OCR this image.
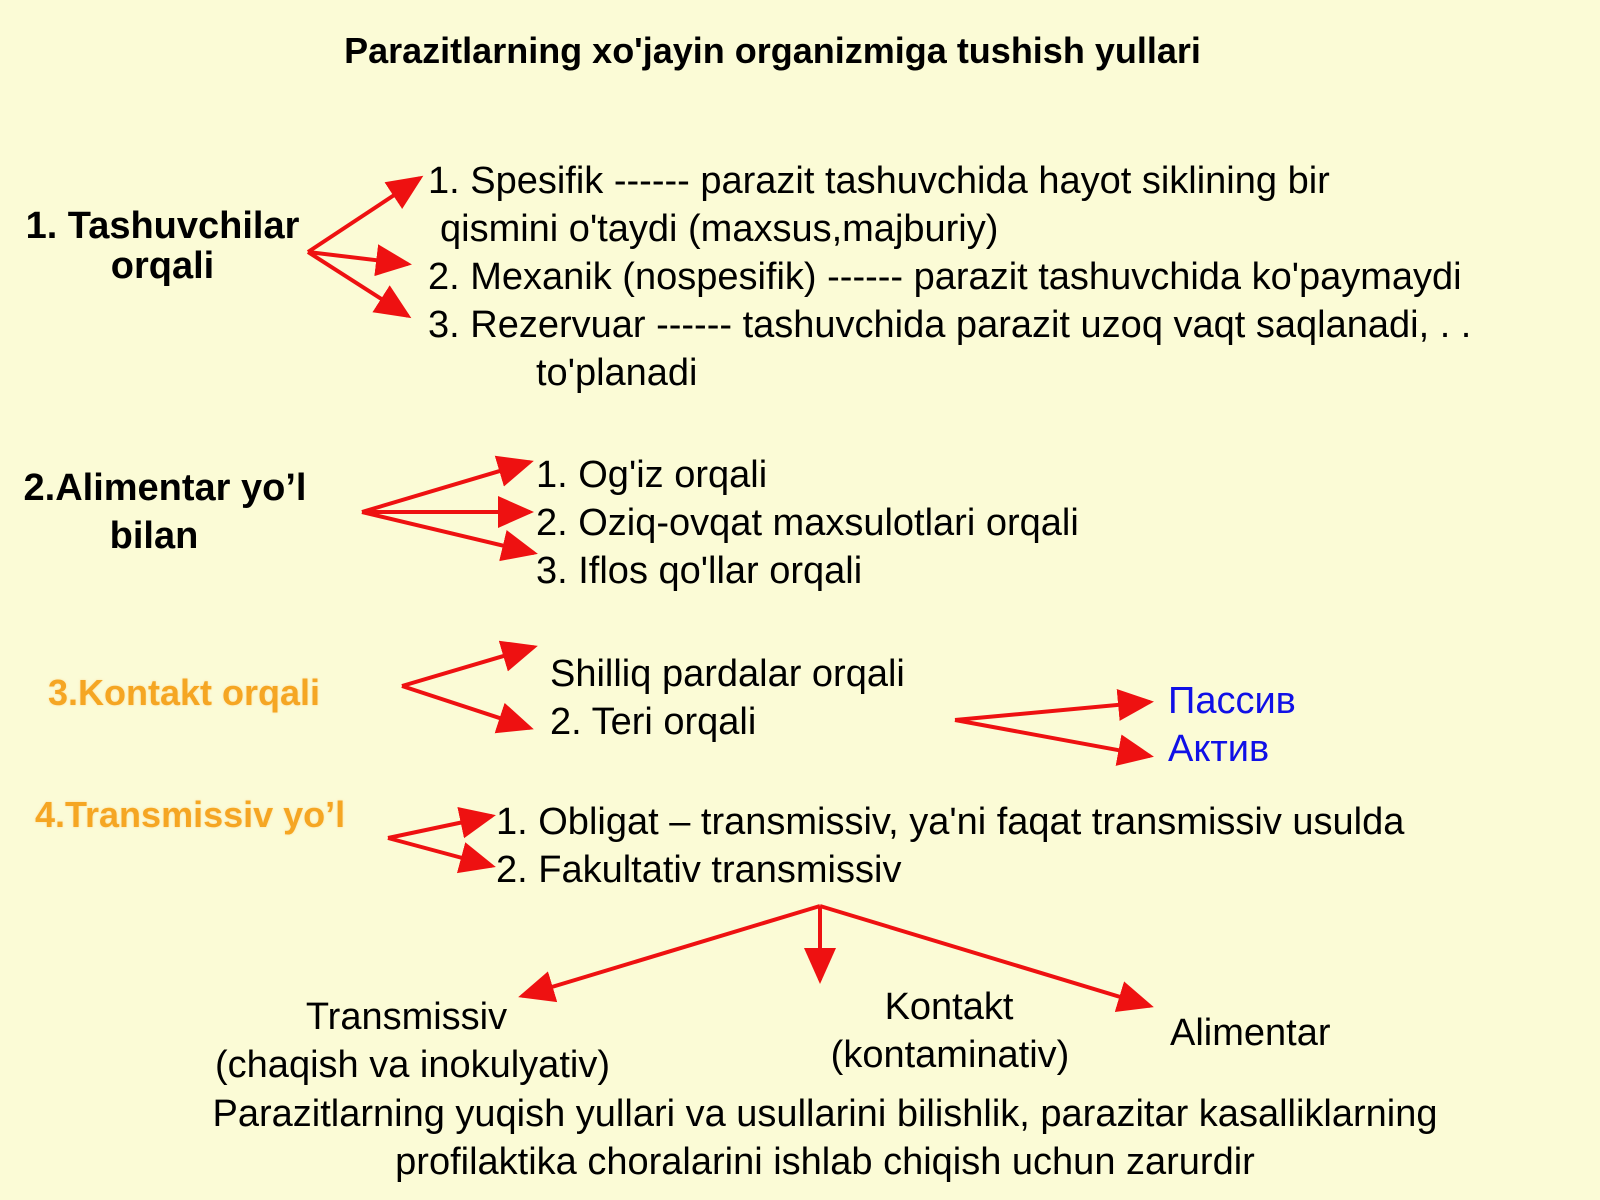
Parazitlarning xo'jayin organizmiga tushish yullari
1. Tashuvchilar
orqali
1. Spesifik ------ parazit tashuvchida hayot siklining bir
qismini o'taydi (maxsus,majburiy)
2. Mexanik (nospesifik) ------ parazit tashuvchida ko'paymaydi
3. Rezervuar ------ tashuvchida parazit uzoq vaqt saqlanadi, . .
to'planadi
2.Alimentar yo’l
bilan
1. Og'iz orqali
2. Oziq-ovqat maxsulotlari orqali
3. Iflos qo'llar orqali
3.Kontakt orqali	Shilliq pardalar orqali
2. Teri orqali	Пассив
Актив
4.Transmissiv yo’l	1. Obligat – transmissiv, ya'ni faqat transmissiv usulda
2. Fakultativ transmissiv
Transmissiv
(chaqish va inokulyativ)
Kontakt
(kontaminativ)
Alimentar
Parazitlarning yuqish yullari va usullarini bilishlik, parazitar kasalliklarning
profilaktika choralarini ishlab chiqish uchun zarurdir
